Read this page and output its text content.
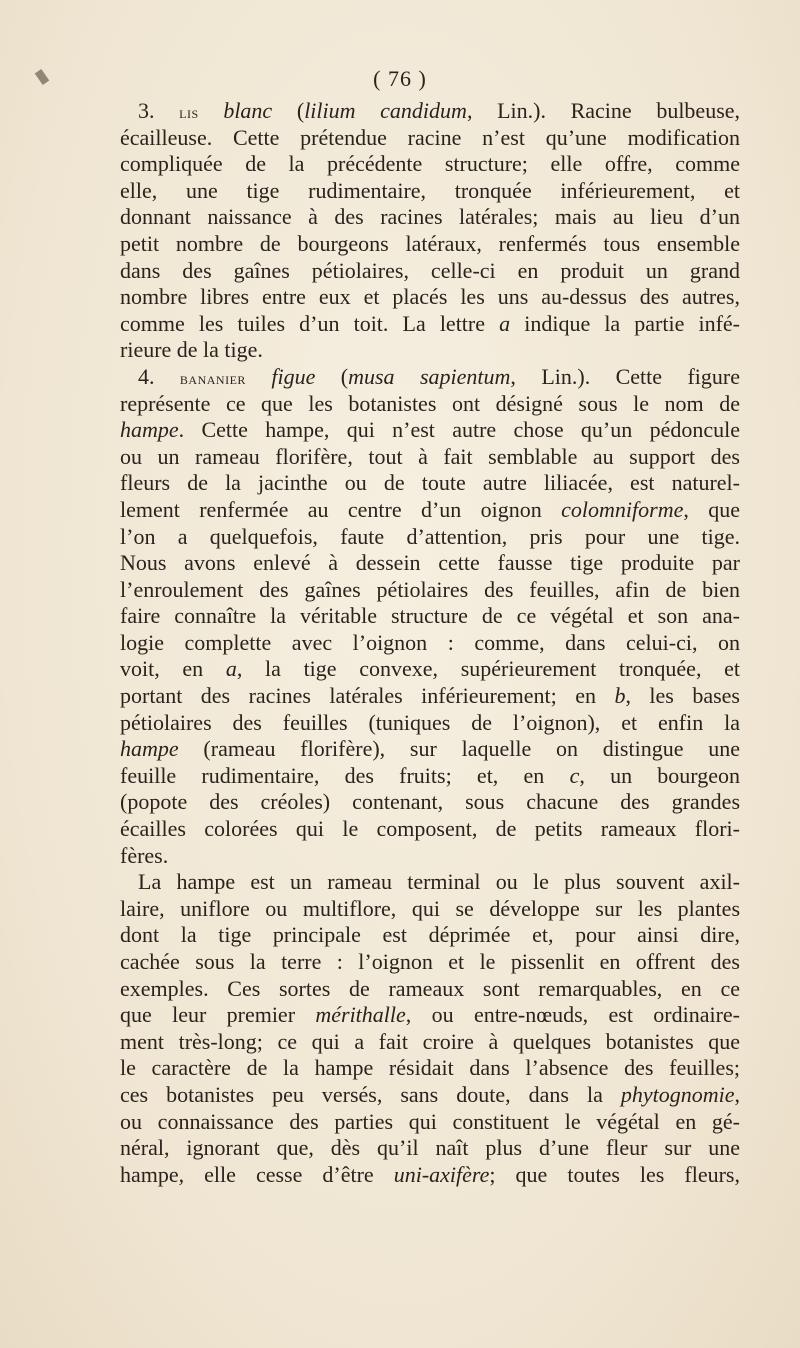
( 76 )
3. lis blanc (lilium candidum, Lin.). Racine bulbeuse,
écailleuse. Cette prétendue racine n’est qu’une modification
compliquée de la précédente structure; elle offre, comme
elle, une tige rudimentaire, tronquée inférieurement, et
donnant naissance à des racines latérales; mais au lieu d’un
petit nombre de bourgeons latéraux, renfermés tous ensemble
dans des gaînes pétiolaires, celle-ci en produit un grand
nombre libres entre eux et placés les uns au-dessus des autres,
comme les tuiles d’un toit. La lettre a indique la partie infé-
rieure de la tige.
4. bananier figue (musa sapientum, Lin.). Cette figure
représente ce que les botanistes ont désigné sous le nom de
hampe. Cette hampe, qui n’est autre chose qu’un pédoncule
ou un rameau florifère, tout à fait semblable au support des
fleurs de la jacinthe ou de toute autre liliacée, est naturel-
lement renfermée au centre d’un oignon colomniforme, que
l’on a quelquefois, faute d’attention, pris pour une tige.
Nous avons enlevé à dessein cette fausse tige produite par
l’enroulement des gaînes pétiolaires des feuilles, afin de bien
faire connaître la véritable structure de ce végétal et son ana-
logie complette avec l’oignon : comme, dans celui-ci, on
voit, en a, la tige convexe, supérieurement tronquée, et
portant des racines latérales inférieurement; en b, les bases
pétiolaires des feuilles (tuniques de l’oignon), et enfin la
hampe (rameau florifère), sur laquelle on distingue une
feuille rudimentaire, des fruits; et, en c, un bourgeon
(popote des créoles) contenant, sous chacune des grandes
écailles colorées qui le composent, de petits rameaux flori-
fères.
La hampe est un rameau terminal ou le plus souvent axil-
laire, uniflore ou multiflore, qui se développe sur les plantes
dont la tige principale est déprimée et, pour ainsi dire,
cachée sous la terre : l’oignon et le pissenlit en offrent des
exemples. Ces sortes de rameaux sont remarquables, en ce
que leur premier mérithalle, ou entre-nœuds, est ordinaire-
ment très-long; ce qui a fait croire à quelques botanistes que
le caractère de la hampe résidait dans l’absence des feuilles;
ces botanistes peu versés, sans doute, dans la phytognomie,
ou connaissance des parties qui constituent le végétal en gé-
néral, ignorant que, dès qu’il naît plus d’une fleur sur une
hampe, elle cesse d’être uni-axifère; que toutes les fleurs,
